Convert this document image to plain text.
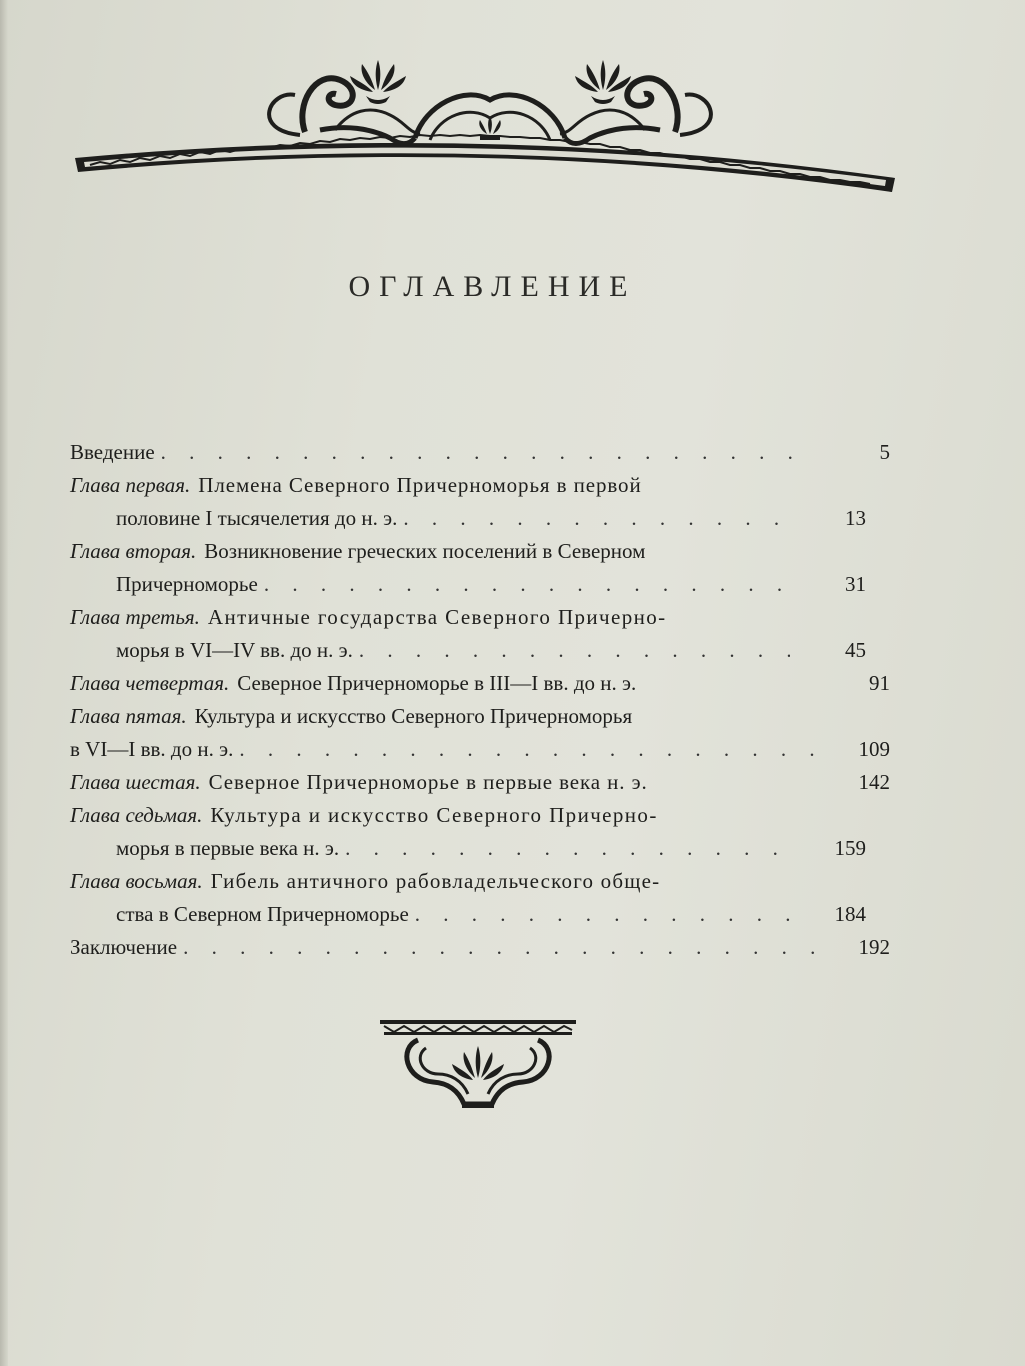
ОГЛАВЛЕНИЕ
Введение . . .	5
Глава первая. Племена Северного Причерноморья в первой
половине I тысячелетия до н. э. . . .	13
Глава вторая. Возникновение греческих поселений в Северном
Причерноморье . . .	31
Глава третья. Античные государства Северного Причерно-
морья в VI—IV вв. до н. э. . . .	45
Глава четвертая. Северное Причерноморье в III—I вв. до н. э.	91
Глава пятая. Культура и искусство Северного Причерноморья
в VI—I вв. до н. э. . . .	109
Глава шестая. Северное Причерноморье в первые века н. э.	142
Глава седьмая. Культура и искусство Северного Причерно-
морья в первые века н. э. . . .	159
Глава восьмая. Гибель античного рабовладельческого обще-
ства в Северном Причерноморье . . .	184
Заключение . . .	192
